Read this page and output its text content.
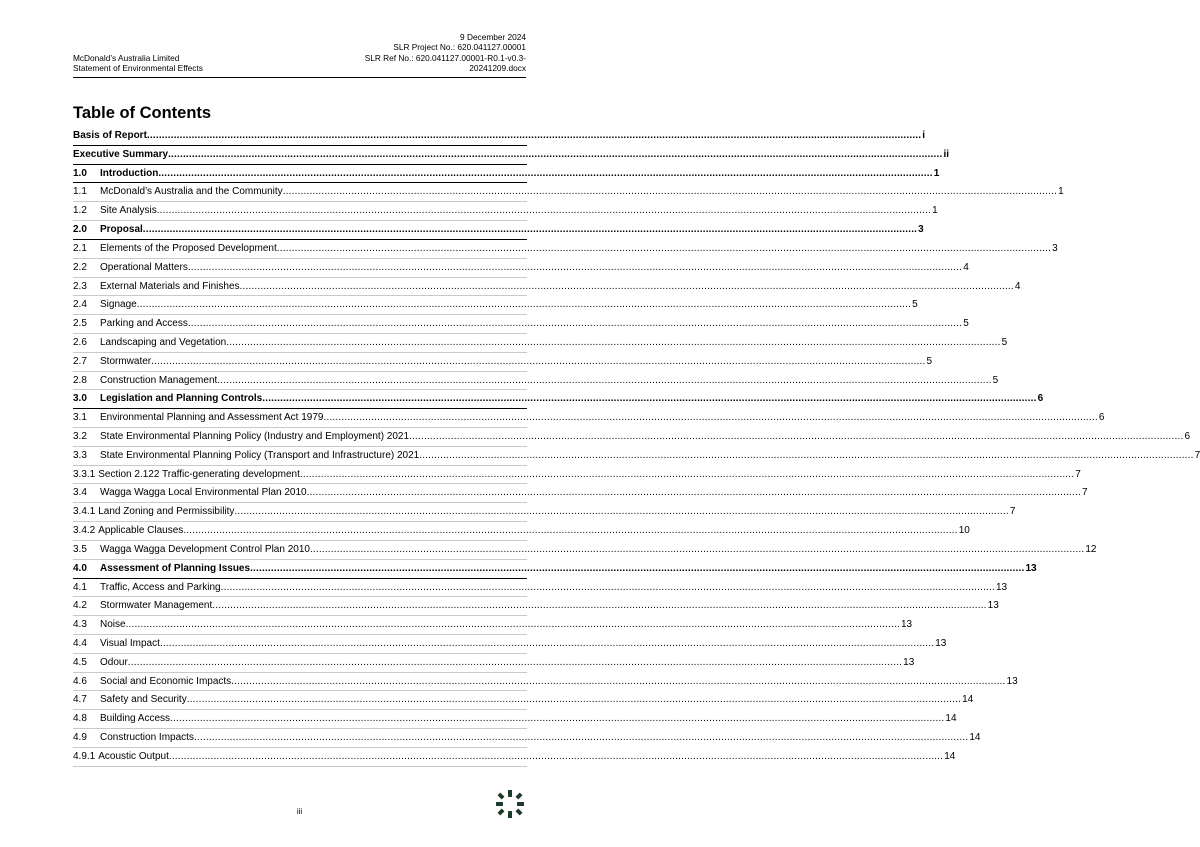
McDonald’s Australia Limited
Statement of Environmental Effects
9 December 2024
SLR Project No.: 620.041127.00001
SLR Ref No.: 620.041127.00001-R0.1-v0.3-
20241209.docx
Table of Contents
Basis of Report .................................................................................................................................................................................................................................................................... i
Executive Summary .................................................................................................................................................................................................................................................................... ii
1.0	Introduction .................................................................................................................................................................................................................................................................... 1
1.1	McDonald’s Australia and the Community .................................................................................................................................................................................................................................................................... 1
1.2	Site Analysis .................................................................................................................................................................................................................................................................... 1
2.0	Proposal .................................................................................................................................................................................................................................................................... 3
2.1	Elements of the Proposed Development .................................................................................................................................................................................................................................................................... 3
2.2	Operational Matters .................................................................................................................................................................................................................................................................... 4
2.3	External Materials and Finishes .................................................................................................................................................................................................................................................................... 4
2.4	Signage .................................................................................................................................................................................................................................................................... 5
2.5	Parking and Access .................................................................................................................................................................................................................................................................... 5
2.6	Landscaping and Vegetation .................................................................................................................................................................................................................................................................... 5
2.7	Stormwater .................................................................................................................................................................................................................................................................... 5
2.8	Construction Management .................................................................................................................................................................................................................................................................... 5
3.0	Legislation and Planning Controls .................................................................................................................................................................................................................................................................... 6
3.1	Environmental Planning and Assessment Act 1979 .................................................................................................................................................................................................................................................................... 6
3.2	State Environmental Planning Policy (Industry and Employment) 2021 .................................................................................................................................................................................................................................................................... 6
3.3	State Environmental Planning Policy (Transport and Infrastructure) 2021 .................................................................................................................................................................................................................................................................... 7
3.3.1 Section 2.122 Traffic-generating development .................................................................................................................................................................................................................................................................... 7
3.4	Wagga Wagga Local Environmental Plan 2010 .................................................................................................................................................................................................................................................................... 7
3.4.1 Land Zoning and Permissibility .................................................................................................................................................................................................................................................................... 7
3.4.2 Applicable Clauses .................................................................................................................................................................................................................................................................... 10
3.5	Wagga Wagga Development Control Plan 2010 .................................................................................................................................................................................................................................................................... 12
4.0	Assessment of Planning Issues .................................................................................................................................................................................................................................................................... 13
4.1	Traffic, Access and Parking .................................................................................................................................................................................................................................................................... 13
4.2	Stormwater Management .................................................................................................................................................................................................................................................................... 13
4.3	Noise .................................................................................................................................................................................................................................................................... 13
4.4	Visual Impact .................................................................................................................................................................................................................................................................... 13
4.5	Odour .................................................................................................................................................................................................................................................................... 13
4.6	Social and Economic Impacts .................................................................................................................................................................................................................................................................... 13
4.7	Safety and Security .................................................................................................................................................................................................................................................................... 14
4.8	Building Access .................................................................................................................................................................................................................................................................... 14
4.9	Construction Impacts .................................................................................................................................................................................................................................................................... 14
4.9.1 Acoustic Output .................................................................................................................................................................................................................................................................... 14
iii
